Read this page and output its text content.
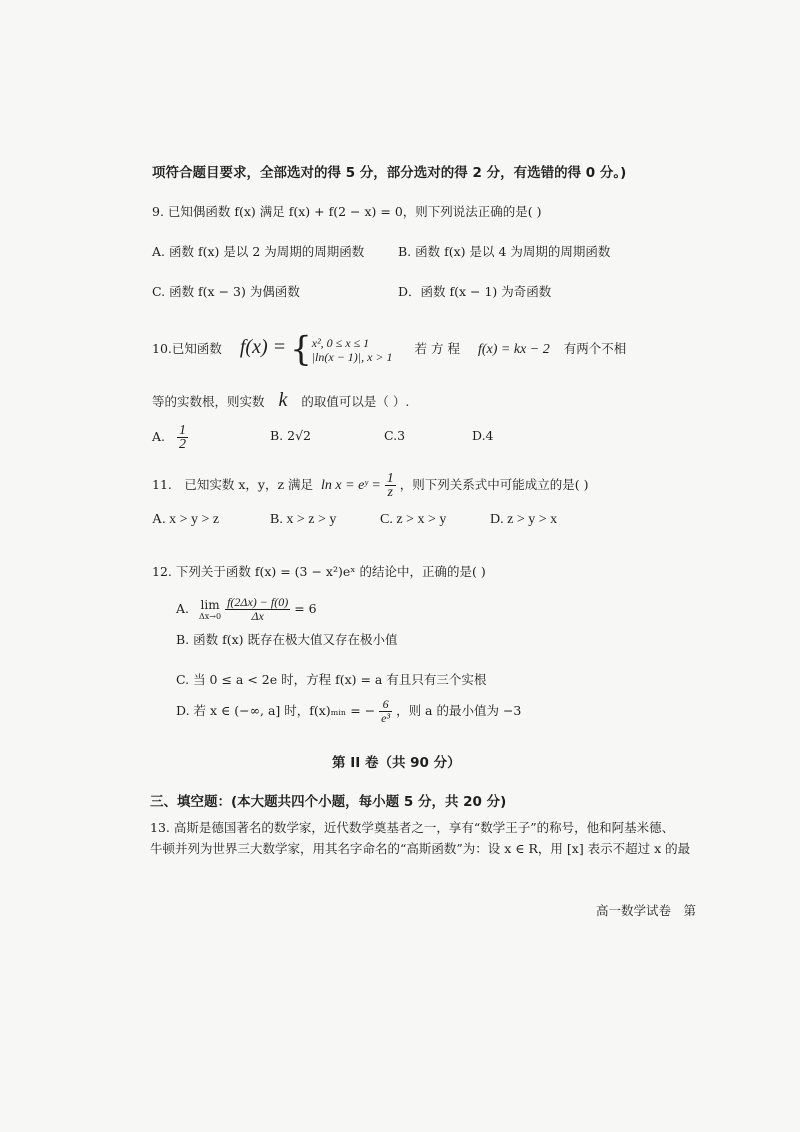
项符合题目要求，全部选对的得 5 分，部分选对的得 2 分，有选错的得 0 分。)
9. 已知偶函数 f(x) 满足 f(x) + f(2 − x) = 0，则下列说法正确的是( )
A. 函数 f(x) 是以 2 为周期的周期函数	B. 函数 f(x) 是以 4 为周期的周期函数
C. 函数 f(x − 3) 为偶函数	D．函数 f(x − 1) 为奇函数
10.已知函数 f(x) = { x², 0 ≤ x ≤ 1
|ln(x − 1)|, x > 1
若 方 程 f(x) = kx − 2 有两个不相
等的实数根，则实数 k 的取值可以是（ ）.
A. $\frac{1}{2}$	B. 2√2	C.3	D.4
11.　已知实数 x，y，z 满足 ln x = eʸ = $\frac{1}{z}$ ，则下列关系式中可能成立的是( )
A. x > y > z	B. x > z > y	C. z > x > y	D. z > y > x
12. 下列关于函数 f(x) = (3 − x²)eˣ 的结论中，正确的是( )
A. lim
Δx→0
$\frac{f(2\Delta x) - f(0)}{\Delta x} = 6$
B. 函数 f(x) 既存在极大值又存在极小值
C. 当 0 ≤ a < 2e 时，方程 f(x) = a 有且只有三个实根
D. 若 x ∈ (−∞, a] 时，f(x)ₘᵢₙ = − $\frac{6}{\text{e³}}$ ，则 a 的最小值为 −3
第 II 卷（共 90 分）
三、填空题：(本大题共四个小题，每小题 5 分，共 20 分)
13. 高斯是德国著名的数学家，近代数学奠基者之一，享有“数学王子”的称号，他和阿基米德、
牛顿并列为世界三大数学家，用其名字命名的“高斯函数”为：设 x ∈ R，用 [x] 表示不超过 x 的最
高一数学试卷　第
